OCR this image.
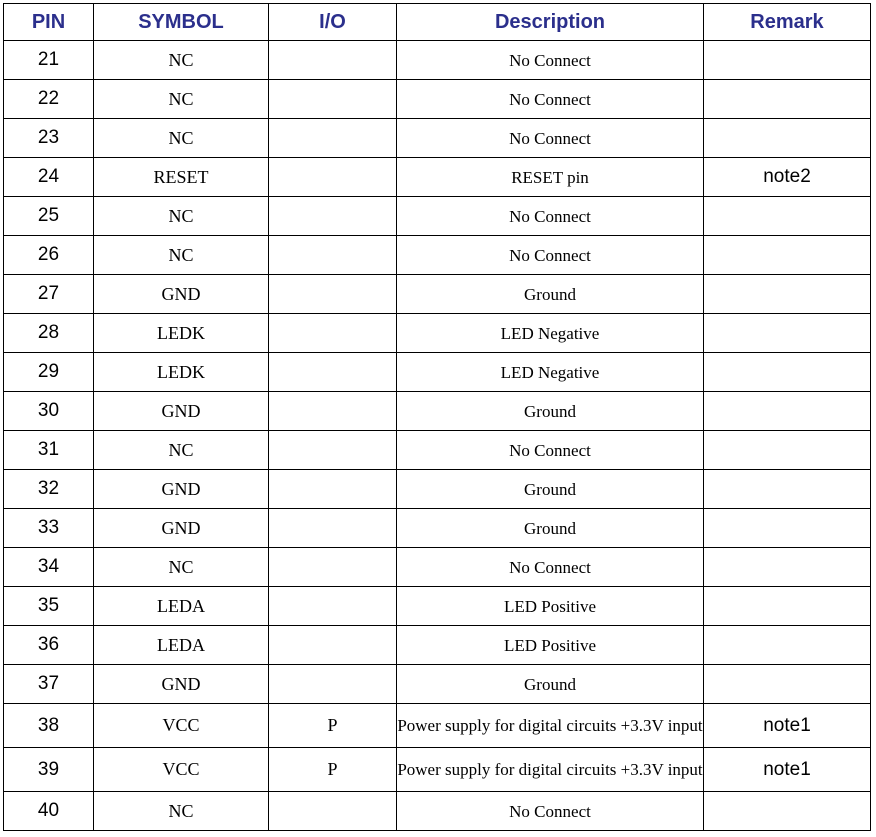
PIN	SYMBOL	I/O	Description	Remark
21	NC		No Connect	
22	NC		No Connect	
23	NC		No Connect	
24	RESET		RESET pin	note2
25	NC		No Connect	
26	NC		No Connect	
27	GND		Ground	
28	LEDK		LED Negative	
29	LEDK		LED Negative	
30	GND		Ground	
31	NC		No Connect	
32	GND		Ground	
33	GND		Ground	
34	NC		No Connect	
35	LEDA		LED Positive	
36	LEDA		LED Positive	
37	GND		Ground	
38	VCC	P	Power supply for digital circuits +3.3V input	note1
39	VCC	P	Power supply for digital circuits +3.3V input	note1
40	NC		No Connect	
